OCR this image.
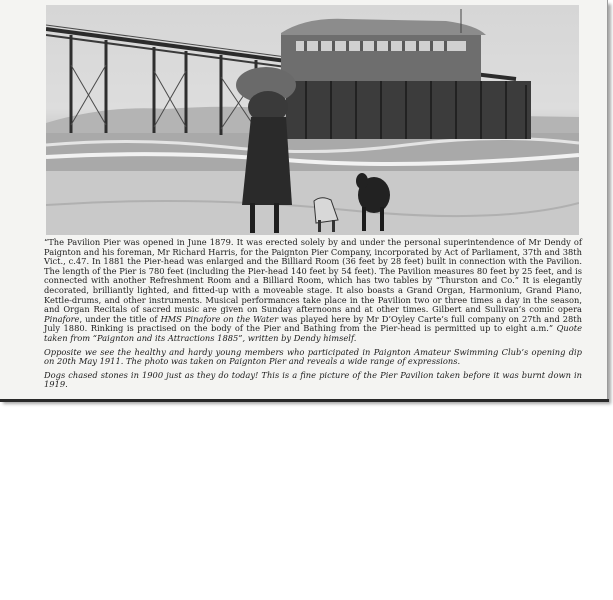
“The Pavilion Pier was opened in June 1879. It was erected solely by and under the personal superintendence of Mr Dendy of Paignton and his foreman, Mr Richard Harris, for the Paignton Pier Company, incorporated by Act of Parliament, 37th and 38th Vict., c.47. In 1881 the Pier-head was enlarged and the Billiard Room (36 feet by 28 feet) built in connection with the Pavilion. The length of the Pier is 780 feet (including the Pier-head 140 feet by 54 feet). The Pavilion measures 80 feet by 25 feet, and is connected with another Refreshment Room and a Billiard Room, which has two tables by “Thurston and Co.” It is elegantly decorated, brilliantly lighted, and fitted-up with a moveable stage. It also boasts a Grand Organ, Harmonium, Grand Piano, Kettle-drums, and other instruments. Musical performances take place in the Pavilion two or three times a day in the season, and Organ Recitals of sacred music are given on Sunday afternoons and at other times. Gilbert and Sullivan’s comic opera Pinafore, under the title of HMS Pinafore on the Water was played here by Mr D’Oyley Carte’s full company on 27th and 28th July 1880. Rinking is practised on the body of the Pier and Bathing from the Pier-head is permitted up to eight a.m.” Quote taken from “Paignton and its Attractions 1885”, written by Dendy himself.

Opposite we see the healthy and hardy young members who participated in Paignton Amateur Swimming Club’s opening dip on 20th May 1911. The photo was taken on Paignton Pier and reveals a wide range of expressions.

Dogs chased stones in 1900 just as they do today! This is a fine picture of the Pier Pavilion taken before it was burnt down in 1919.
